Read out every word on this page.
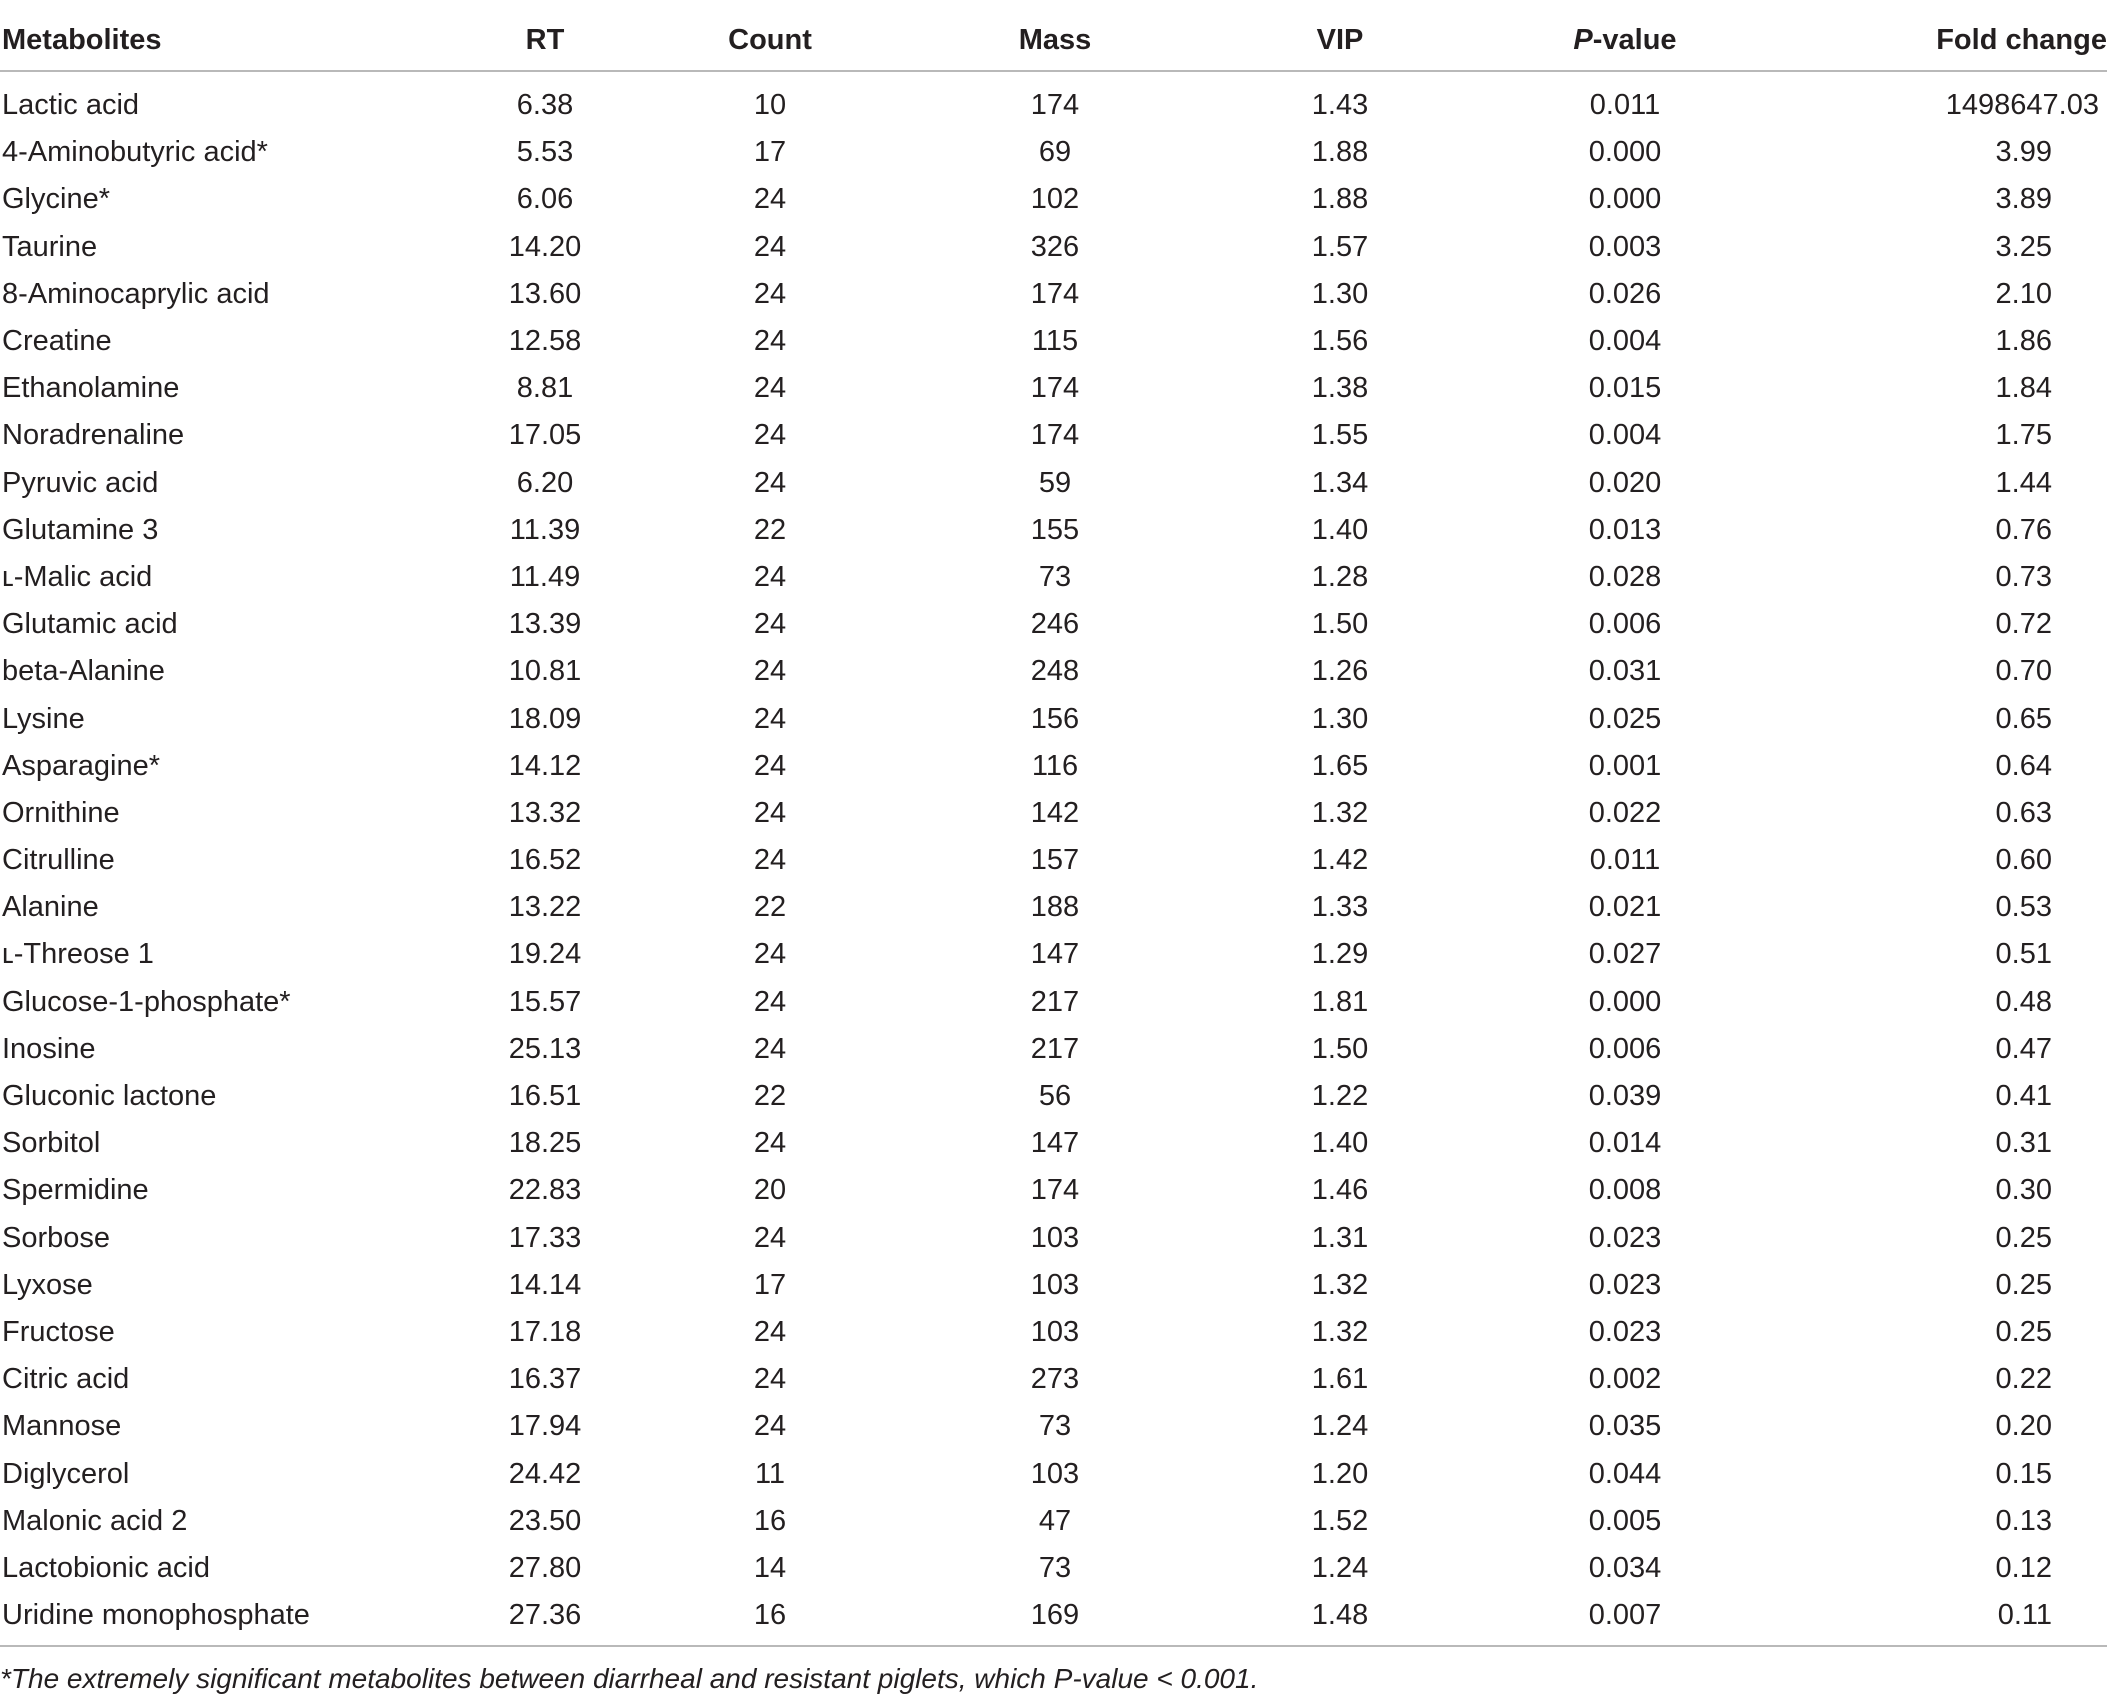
Metabolites	RT	Count	Mass	VIP	P-value	Fold change
Lactic acid	6.38	10	174	1.43	0.011	1498647.03
4-Aminobutyric acid*	5.53	17	69	1.88	0.000	3.99
Glycine*	6.06	24	102	1.88	0.000	3.89
Taurine	14.20	24	326	1.57	0.003	3.25
8-Aminocaprylic acid	13.60	24	174	1.30	0.026	2.10
Creatine	12.58	24	115	1.56	0.004	1.86
Ethanolamine	8.81	24	174	1.38	0.015	1.84
Noradrenaline	17.05	24	174	1.55	0.004	1.75
Pyruvic acid	6.20	24	59	1.34	0.020	1.44
Glutamine 3	11.39	22	155	1.40	0.013	0.76
ʟ-Malic acid	11.49	24	73	1.28	0.028	0.73
Glutamic acid	13.39	24	246	1.50	0.006	0.72
beta-Alanine	10.81	24	248	1.26	0.031	0.70
Lysine	18.09	24	156	1.30	0.025	0.65
Asparagine*	14.12	24	116	1.65	0.001	0.64
Ornithine	13.32	24	142	1.32	0.022	0.63
Citrulline	16.52	24	157	1.42	0.011	0.60
Alanine	13.22	22	188	1.33	0.021	0.53
ʟ-Threose 1	19.24	24	147	1.29	0.027	0.51
Glucose-1-phosphate*	15.57	24	217	1.81	0.000	0.48
Inosine	25.13	24	217	1.50	0.006	0.47
Gluconic lactone	16.51	22	56	1.22	0.039	0.41
Sorbitol	18.25	24	147	1.40	0.014	0.31
Spermidine	22.83	20	174	1.46	0.008	0.30
Sorbose	17.33	24	103	1.31	0.023	0.25
Lyxose	14.14	17	103	1.32	0.023	0.25
Fructose	17.18	24	103	1.32	0.023	0.25
Citric acid	16.37	24	273	1.61	0.002	0.22
Mannose	17.94	24	73	1.24	0.035	0.20
Diglycerol	24.42	11	103	1.20	0.044	0.15
Malonic acid 2	23.50	16	47	1.52	0.005	0.13
Lactobionic acid	27.80	14	73	1.24	0.034	0.12
Uridine monophosphate	27.36	16	169	1.48	0.007	0.11
*The extremely significant metabolites between diarrheal and resistant piglets, which P-value < 0.001.
